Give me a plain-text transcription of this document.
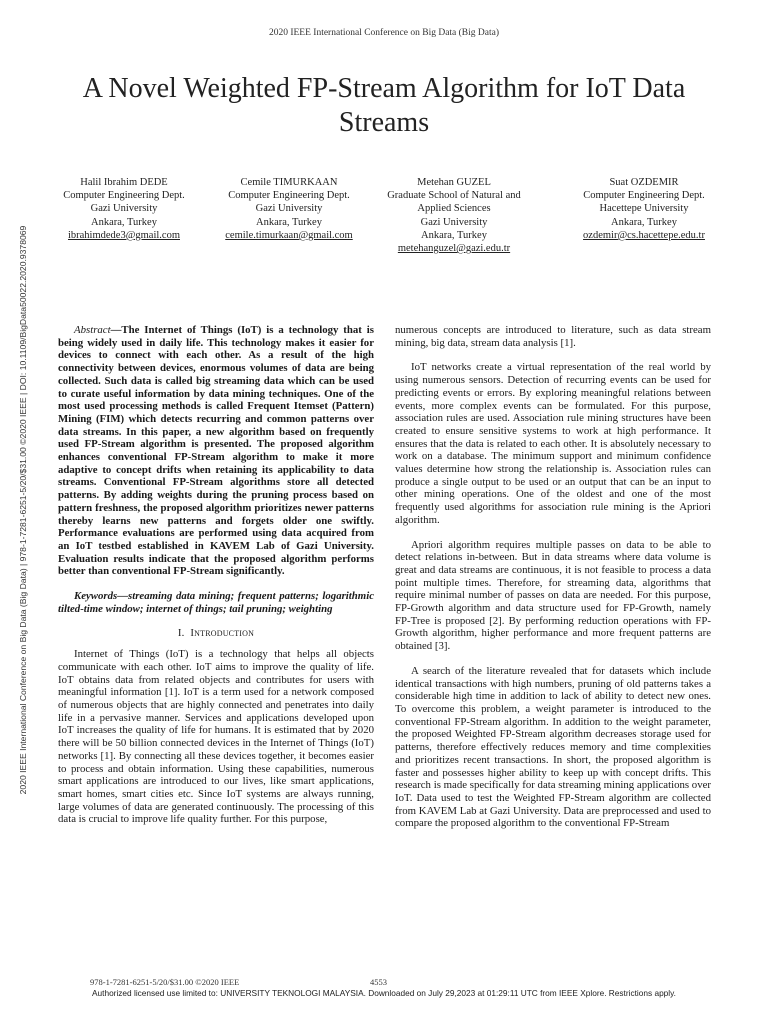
2020 IEEE International Conference on Big Data (Big Data)
A Novel Weighted FP-Stream Algorithm for IoT Data Streams
Halil Ibrahim DEDE
Computer Engineering Dept.
Gazi University
Ankara, Turkey
ibrahimdede3@gmail.com
Cemile TIMURKAAN
Computer Engineering Dept.
Gazi University
Ankara, Turkey
cemile.timurkaan@gmail.com
Metehan GUZEL
Graduate School of Natural and
Applied Sciences
Gazi University
Ankara, Turkey
metehanguzel@gazi.edu.tr
Suat OZDEMIR
Computer Engineering Dept.
Hacettepe University
Ankara, Turkey
ozdemir@cs.hacettepe.edu.tr
2020 IEEE International Conference on Big Data (Big Data) | 978-1-7281-6251-5/20/$31.00 ©2020 IEEE | DOI: 10.1109/BigData50022.2020.9378069	Abstract—The Internet of Things (IoT) is a technology that is being widely used in daily life. This technology makes it easier for devices to connect with each other. As a result of the high connectivity between devices, enormous volumes of data are being collected. Such data is called big streaming data which can be used to curate useful information by data mining techniques. One of the most used processing methods is called Frequent Itemset (Pattern) Mining (FIM) which detects recurring and common patterns over data streams. In this paper, a new algorithm based on frequently used FP-Stream algorithm is presented. The proposed algorithm enhances conventional FP-Stream algorithm to make it more adaptive to concept drifts when retaining its applicability to data streams. Conventional FP-Stream algorithms store all detected patterns. By adding weights during the pruning process based on pattern freshness, the proposed algorithm prioritizes newer patterns thereby learns new patterns and forgets older one swiftly. Performance evaluations are performed using data acquired from an IoT testbed established in KAVEM Lab of Gazi University. Evaluation results indicate that the proposed algorithm performs better than conventional FP-Stream significantly.

Keywords—streaming data mining; frequent patterns; logarithmic tilted-time window; internet of things; tail pruning; weighting

I. Introduction

Internet of Things (IoT) is a technology that helps all objects communicate with each other. IoT aims to improve the quality of life. IoT obtains data from related objects and contributes for users with meaningful information [1]. IoT is a term used for a network composed of numerous objects that are highly connected and penetrates into daily life in a pervasive manner. Services and applications developed upon IoT increases the quality of life for humans. It is estimated that by 2020 there will be 50 billion connected devices in the Internet of Things (IoT) networks [1]. By connecting all these devices together, it becomes easier to process and obtain information. Using these capabilities, numerous smart applications are introduced to our lives, like smart applications, smart homes, smart cities etc. Since IoT systems are always running, large volumes of data are generated continuously. The processing of this data is crucial to improve life quality further. For this purpose,

numerous concepts are introduced to literature, such as data stream mining, big data, stream data analysis [1].

IoT networks create a virtual representation of the real world by using numerous sensors. Detection of recurring events can be used for predicting events or errors. By exploring meaningful relations between events, more complex events can be formulated. For this purpose, association rules are used. Association rule mining structures have been created to ensure sensitive systems to work at high performance. It ensures that the data is related to each other. It is absolutely necessary to work on a database. The minimum support and minimum confidence values determine how strong the relationship is. Association rules can produce a single output to be used or an output that can be an input to other mining operations. One of the oldest and one of the most frequently used algorithms for association rule mining is the Apriori algorithm.

Apriori algorithm requires multiple passes on data to be able to detect relations in-between. But in data streams where data volume is great and data streams are continuous, it is not feasible to process a data point multiple times. Therefore, for streaming data, algorithms that require minimal number of passes on data are needed. For this purpose, FP-Growth algorithm and data structure used for FP-Growth, namely FP-Tree is proposed [2]. By performing reduction operations with FP-Growth algorithm, higher performance and more frequent patterns are obtained [3].

A search of the literature revealed that for datasets which include identical transactions with high numbers, pruning of old patterns takes a considerable high time in addition to lack of ability to detect new ones. To overcome this problem, a weight parameter is introduced to the conventional FP-Stream algorithm. In addition to the weight parameter, the proposed Weighted FP-Stream algorithm decreases storage used for patterns, therefore effectively reduces memory and time complexities and prioritizes recent transactions. In short, the proposed algorithm is faster and possesses higher ability to keep up with concept drifts. This research is made specifically for data streaming mining applications over IoT. Data used to test the Weighted FP-Stream algorithm are collected from KAVEM Lab at Gazi University. Data are preprocessed and used to compare the proposed algorithm to the conventional FP-Stream

978-1-7281-6251-5/20/$31.00 ©2020 IEEE	4553
Authorized licensed use limited to: UNIVERSITY TEKNOLOGI MALAYSIA. Downloaded on July 29,2023 at 01:29:11 UTC from IEEE Xplore. Restrictions apply.
